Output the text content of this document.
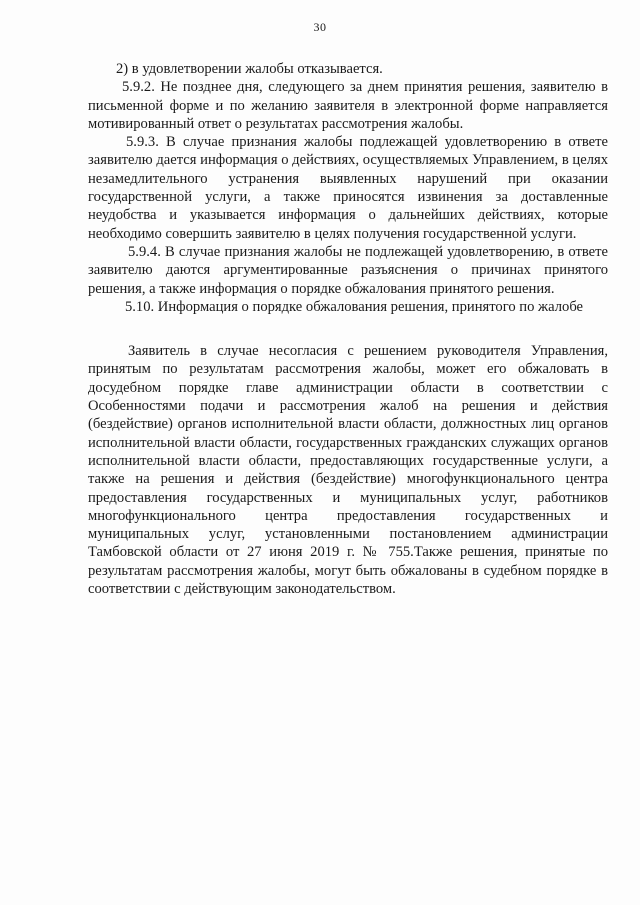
30

2) в удовлетворении жалобы отказывается.

5.9.2. Не позднее дня, следующего за днем принятия решения, заявителю в письменной форме и по желанию заявителя в электронной форме направляется мотивированный ответ о результатах рассмотрения жалобы.

5.9.3. В случае признания жалобы подлежащей удовлетворению в ответе заявителю дается информация о действиях, осуществляемых Управлением, в целях незамедлительного устранения выявленных нарушений при оказании государственной услуги, а также приносятся извинения за доставленные неудобства и указывается информация о дальнейших действиях, которые необходимо совершить заявителю в целях получения государственной услуги.

5.9.4. В случае признания жалобы не подлежащей удовлетворению, в ответе заявителю даются аргументированные разъяснения о причинах принятого решения, а также информация о порядке обжалования принятого решения.

5.10. Информация о порядке обжалования решения, принятого по жалобе

Заявитель в случае несогласия с решением руководителя Управления, принятым по результатам рассмотрения жалобы, может его обжаловать в досудебном порядке главе администрации области в соответствии с Особенностями подачи и рассмотрения жалоб на решения и действия (бездействие) органов исполнительной власти области, должностных лиц органов исполнительной власти области, государственных гражданских служащих органов исполнительной власти области, предоставляющих государственные услуги, а также на решения и действия (бездействие) многофункционального центра предоставления государственных и муниципальных услуг, работников многофункционального центра предоставления государственных и муниципальных услуг, установленными постановлением администрации Тамбовской области от 27 июня 2019 г. № 755.Также решения, принятые по результатам рассмотрения жалобы, могут быть обжалованы в судебном порядке в соответствии с действующим законодательством.
